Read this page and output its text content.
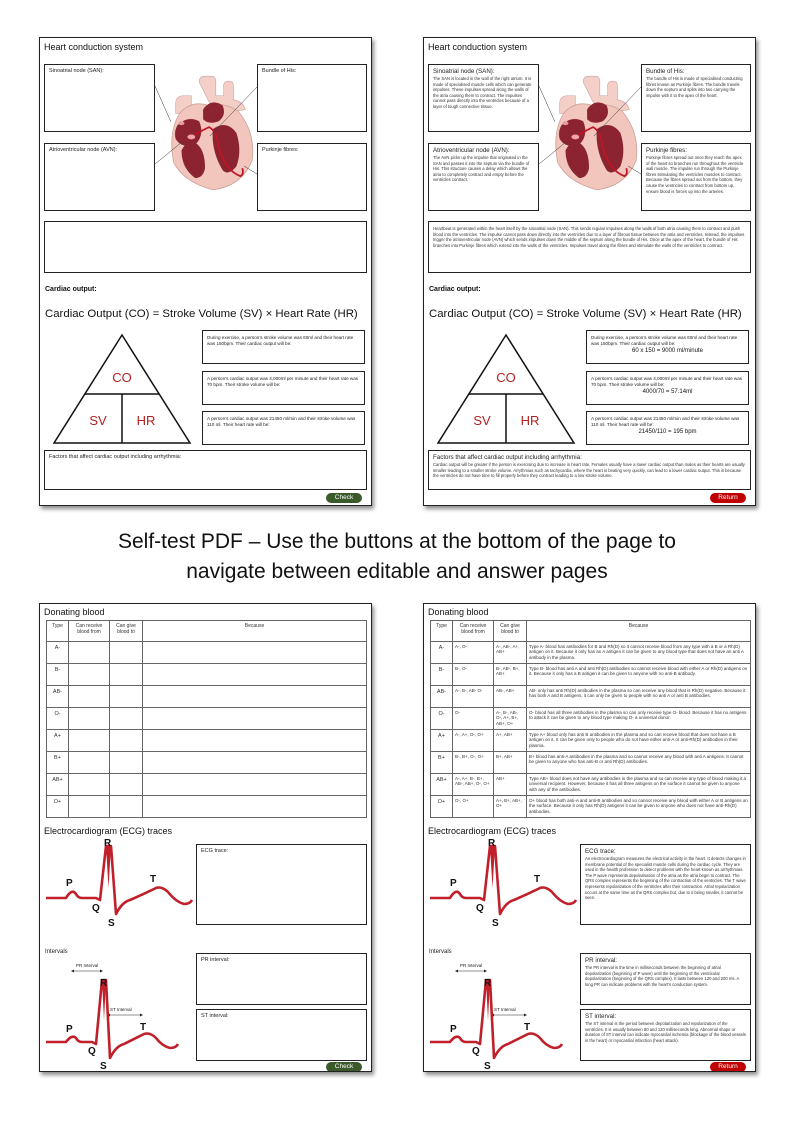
Heart conduction system
Sinoatrial node (SAN):	Bundle of His:
Atrioventricular node (AVN):	Purkinje fibres:
Cardiac output:
Cardiac Output (CO) = Stroke Volume (SV) × Heart Rate (HR)
CO
SV HR
During exercise, a person’s stroke volume was 60ml and their heart rate was 150bpm. Their cardiac output will be:
A person’s cardiac output was 4,000ml per minute and their heart rate was 70 bpm. Their stroke volume will be:
A person’s cardiac output was 21450 ml/min and their stroke volume was 110 ml. Their heart rate will be:
Factors that affect cardiac output including arrhythmia:
Check
Heart conduction system
Sinoatrial node (SAN):
The SAN is located in the wall of the right atrium. It is made of specialised muscle cells which can generate impulses. These impulses spread along the walls of the atria causing them to contract. The impulses cannot pass directly into the ventricles because of a layer of tough connective tissue.
Bundle of His:
The bundle of His is made of specialised conducting fibres known as Purkinje fibres. The bundle travels down the septum and splits into two carrying the impulse with it to the apex of the heart.
Atrioventricular node (AVN):
The AVN picks up the impulse that originated in the SAN and passes it into the septum via the bundle of His. This structure causes a delay which allows the atria to completely contract and empty before the ventricles contract.
Purkinje fibres:
Purkinje fibres spread out once they reach the apex of the heart so branches run throughout the ventricle wall muscle. The impulse run through the Purkinje fibres stimulating the ventricles muscles to contract. Because the fibres spread out from the bottom, they cause the ventricles to contract from bottom up, ensure blood is forces up into the arteries.
Heartbeat is generated within the heart itself by the sinoatrial node (SAN). This sends regular impulses along the walls of both atria causing them to contract and push blood into the ventricles. The impulse cannot pass down directly into the ventricles due to a layer of fibrous tissue between the atria and ventricles. Instead, the impulses trigger the atrioventricular node (AVN) which sends impulses down the middle of the septum along the bundle of His. Once at the apex of the heart, the bundle of His branches into Purkinje fibres which extend into the walls of the ventricles. Impulses travel along the fibres and stimulate the walls of the ventricles to contract.
Cardiac output:
Cardiac Output (CO) = Stroke Volume (SV) × Heart Rate (HR)
CO
SV HR
During exercise, a person’s stroke volume was 60ml and their heart rate was 150bpm. Their cardiac output will be:
60 x 150 = 9000 ml/minute
A person’s cardiac output was 4,000ml per minute and their heart rate was 70 bpm. Their stroke volume will be:
4000/70 = 57.14ml
A person’s cardiac output was 21450 ml/min and their stroke volume was 110 ml. Their heart rate will be:
21450/110 = 195 bpm
Factors that affect cardiac output including arrhythmia:
Cardiac output will be greater if the person is exercising due to increase in heart rate. Females usually have a lower cardiac output than males as their hearts are usually smaller leading to a smaller stroke volume. Arrythmias such as tachycardia, where the heart is beating very quickly, can lead to a lower cardiac output. This is because the ventricles do not have time to fill properly before they contract leading to a low stroke volume.
Return
Self-test PDF – Use the buttons at the bottom of the page to
navigate between editable and answer pages
Donating blood
Type	Can receive blood from	Can give blood to	Because
A-			
B-			
AB-			
O-			
A+			
B+			
AB+			
O+			
Electrocardiogram (ECG) traces
R
P
Q
S
T
ECG trace:
Intervals
PR Interval
ST Interval
R
P
Q
S
T
PR interval:
ST interval:
Check
Donating blood
Type	Can receive blood from	Can give blood to	Because
A-	A-, O-	A-, AB-, A+, AB+	Type A- blood has antibodies for B and Rh(D) so it cannot receive blood from any type with a B or a Rh(D) antigen on it. Because it only has an A antigen it can be given to any blood type that does not have an anti A antibody in the plasma.
B-	B-, O-	B-, AB-, B+, AB+	Type B- blood has anti A and anti Rh(D) antibodies so cannot receive blood with either A or Rh(D) antigens on it. Because it only has a B antigen it can be given to anyone with no anti-B antibody.
AB-	A-, B-, AB- O-	AB-, AB+	AB- only has anti Rh(D) antibodies in the plasma so can receive any blood that is Rh(D) negative. Because it has both A and B antigens, it can only be given to people with no anti A or anti B antibodies.
O-	O-	A-, B-, AB-, O-, A+, B+, AB+, O+	O- blood has all three antibodies in the plasma so can only receive type O- blood. Because it has no antigens to attack it can be given to any blood type making O- a universal donor.
A+	A-, A+, O-, O+	A+, AB+	Type A+ blood only has anti B antibodies in the plasma and so can receive blood that does not have a B antigen on it. It can be given only to people who do not have either anti-A or anti-Rh(D) antibodies in their plasma.
B+	B-, B+, O-, O+	B+, AB+	B+ blood has anti-A antibodies in the plasma and so cannot receive any blood with anti A antigens. It cannot be given to anyone who has anti-B or anti Rh(D) antibodies.
AB+	A-, A+, B-, B+, AB-, AB+, O-, O+	AB+	Type AB+ blood does not have any antibodies in the plasma and so can receive any type of blood making it a universal recipient. However, because it has all three antigens on the surface it cannot be given to anyone with any of the antibodies.
O+	O-, O+	A+, B+, AB+, O+	O+ blood has both anti-A and anti-B antibodies and so cannot receive any blood with either A or B antigens on the surface. Because it only has Rh(D) antigens it can be given to anyone who does not have anti-Rh(D) antibodies.
Electrocardiogram (ECG) traces
R
P
Q
S
T
ECG trace:
An electrocardiogram measures the electrical activity in the heart. It detects changes in membrane potential of the specialist muscle cells during the cardiac cycle. They are used in the health profession to detect problems with the heart known as arrhythmias. The P wave represents depolarisation of the atria as the atria begin to contract. The QRS complex represents the beginning of the contraction of the ventricles. The T wave represents repolarization of the ventricles after their contraction. Atrial repolarization occurs at the same time as the QRS complex but, due to it being smaller, it cannot be seen.
Intervals
PR Interval
ST Interval
R
P
Q
S
T
PR interval:
The PR interval is the time in milliseconds between the beginning of atrial depolarization (beginning of P wave) until the beginning of the ventricular depolarization (beginning of the QRS complex). It lasts between 120 and 200 ms. A long PR can indicate problems with the heart’s conduction system.
ST interval:
The ST interval is the period between depolarization and repolarization of the ventricles. It is usually between 80 and 120 milliseconds long. Abnormal shape or duration of ST interval can indicate myocardial ischemia (blockage of the blood vessels in the heart) or myocardial infarction (heart attack).
Return
